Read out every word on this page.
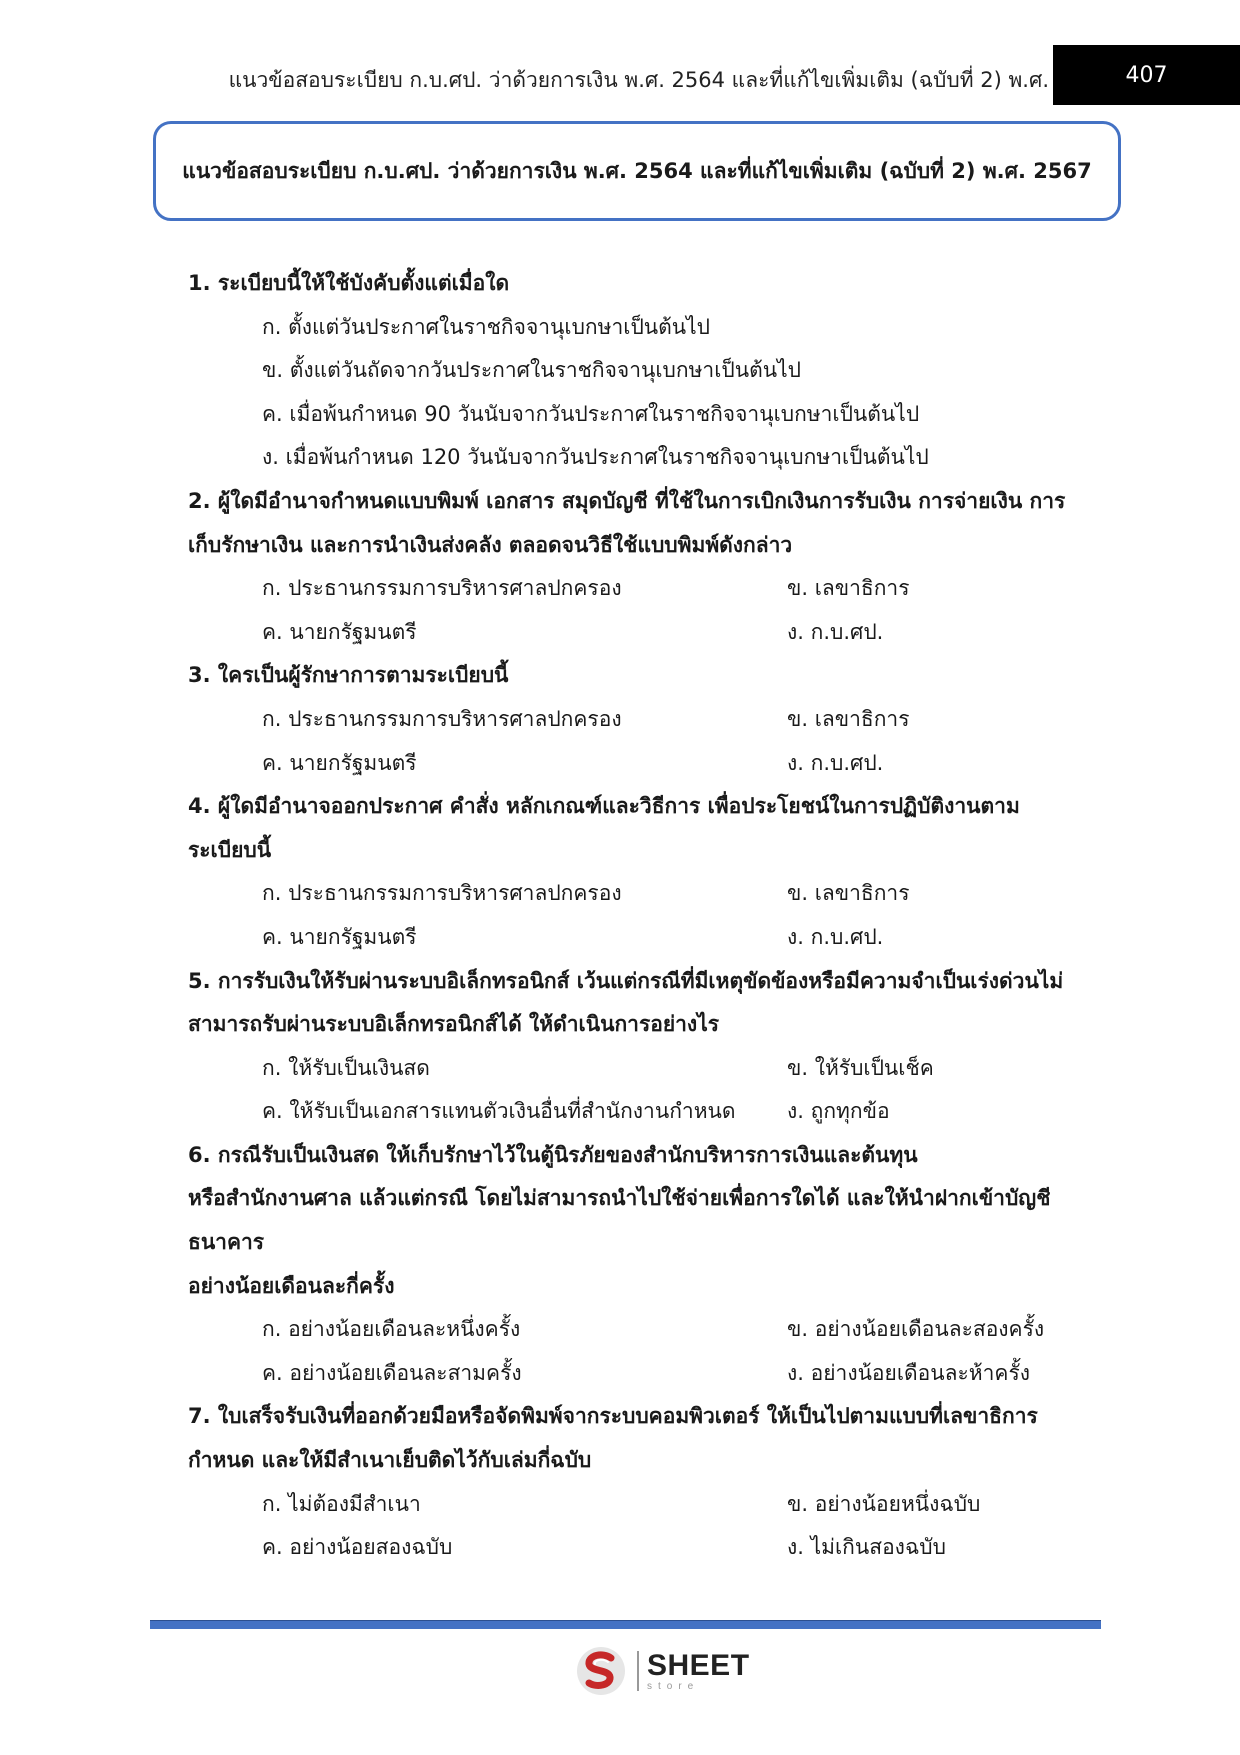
แนวข้อสอบระเบียบ ก.บ.ศป. ว่าด้วยการเงิน พ.ศ. 2564 และที่แก้ไขเพิ่มเติม (ฉบับที่ 2) พ.ศ.	407
แนวข้อสอบระเบียบ ก.บ.ศป. ว่าด้วยการเงิน พ.ศ. 2564 และที่แก้ไขเพิ่มเติม (ฉบับที่ 2) พ.ศ. 2567
1. ระเบียบนี้ให้ใช้บังคับตั้งแต่เมื่อใด
ก. ตั้งแต่วันประกาศในราชกิจจานุเบกษาเป็นต้นไป
ข. ตั้งแต่วันถัดจากวันประกาศในราชกิจจานุเบกษาเป็นต้นไป
ค. เมื่อพ้นกำหนด 90 วันนับจากวันประกาศในราชกิจจานุเบกษาเป็นต้นไป
ง. เมื่อพ้นกำหนด 120 วันนับจากวันประกาศในราชกิจจานุเบกษาเป็นต้นไป
2. ผู้ใดมีอำนาจกำหนดแบบพิมพ์ เอกสาร สมุดบัญชี ที่ใช้ในการเบิกเงินการรับเงิน การจ่ายเงิน การ
เก็บรักษาเงิน และการนำเงินส่งคลัง ตลอดจนวิธีใช้แบบพิมพ์ดังกล่าว
ก. ประธานกรรมการบริหารศาลปกครอง	ข. เลขาธิการ
ค. นายกรัฐมนตรี	ง. ก.บ.ศป.
3. ใครเป็นผู้รักษาการตามระเบียบนี้
ก. ประธานกรรมการบริหารศาลปกครอง	ข. เลขาธิการ
ค. นายกรัฐมนตรี	ง. ก.บ.ศป.
4. ผู้ใดมีอำนาจออกประกาศ คำสั่ง หลักเกณฑ์และวิธีการ เพื่อประโยชน์ในการปฏิบัติงานตาม
ระเบียบนี้
ก. ประธานกรรมการบริหารศาลปกครอง	ข. เลขาธิการ
ค. นายกรัฐมนตรี	ง. ก.บ.ศป.
5. การรับเงินให้รับผ่านระบบอิเล็กทรอนิกส์ เว้นแต่กรณีที่มีเหตุขัดข้องหรือมีความจำเป็นเร่งด่วนไม่
สามารถรับผ่านระบบอิเล็กทรอนิกส์ได้ ให้ดำเนินการอย่างไร
ก. ให้รับเป็นเงินสด	ข. ให้รับเป็นเช็ค
ค. ให้รับเป็นเอกสารแทนตัวเงินอื่นที่สำนักงานกำหนด	ง. ถูกทุกข้อ
6. กรณีรับเป็นเงินสด ให้เก็บรักษาไว้ในตู้นิรภัยของสำนักบริหารการเงินและต้นทุน
หรือสำนักงานศาล แล้วแต่กรณี โดยไม่สามารถนำไปใช้จ่ายเพื่อการใดได้ และให้นำฝากเข้าบัญชี
ธนาคาร
อย่างน้อยเดือนละกี่ครั้ง
ก. อย่างน้อยเดือนละหนึ่งครั้ง	ข. อย่างน้อยเดือนละสองครั้ง
ค. อย่างน้อยเดือนละสามครั้ง	ง. อย่างน้อยเดือนละห้าครั้ง
7. ใบเสร็จรับเงินที่ออกด้วยมือหรือจัดพิมพ์จากระบบคอมพิวเตอร์ ให้เป็นไปตามแบบที่เลขาธิการ
กำหนด และให้มีสำเนาเย็บติดไว้กับเล่มกี่ฉบับ
ก. ไม่ต้องมีสำเนา	ข. อย่างน้อยหนึ่งฉบับ
ค. อย่างน้อยสองฉบับ	ง. ไม่เกินสองฉบับ
SHEET
store
